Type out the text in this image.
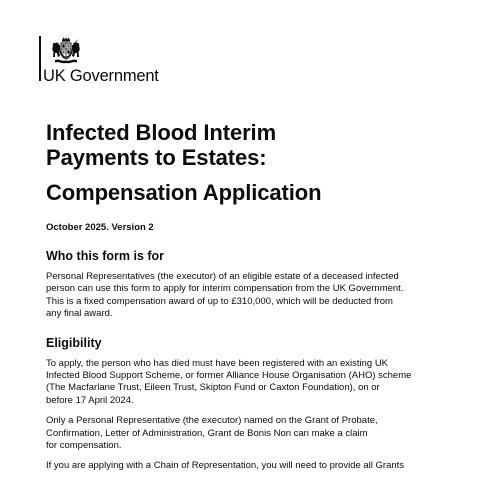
UK Government
Infected Blood Interim
Payments to Estates:
Compensation Application
October 2025. Version 2
Who this form is for

Personal Representatives (the executor) of an eligible estate of a deceased infected
person can use this form to apply for interim compensation from the UK Government.
This is a fixed compensation award of up to £310,000, which will be deducted from
any final award.

Eligibility

To apply, the person who has died must have been registered with an existing UK
Infected Blood Support Scheme, or former Alliance House Organisation (AHO) scheme
(The Macfarlane Trust, Eileen Trust, Skipton Fund or Caxton Foundation), on or
before 17 April 2024.

Only a Personal Representative (the executor) named on the Grant of Probate,
Confirmation, Letter of Administration, Grant de Bonis Non can make a claim
for compensation.

If you are applying with a Chain of Representation, you will need to provide all Grants
